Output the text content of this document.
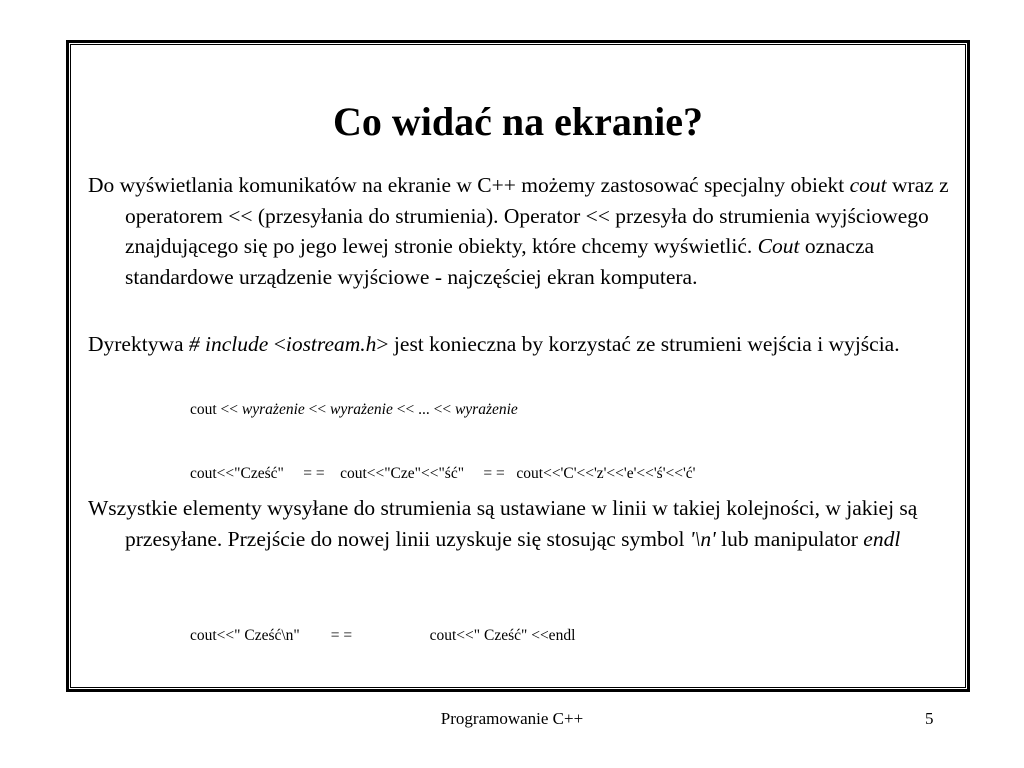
Co widać na ekranie?

Do wyświetlania komunikatów na ekranie w C++ możemy zastosować specjalny obiekt cout wraz z operatorem << (przesyłania do strumienia). Operator << przesyła do strumienia wyjściowego znajdującego się po jego lewej stronie obiekty, które chcemy wyświetlić. Cout oznacza standardowe urządzenie wyjściowe - najczęściej ekran komputera.

Dyrektywa # include <iostream.h> jest konieczna by korzystać ze strumieni wejścia i wyjścia.

cout << wyrażenie << wyrażenie << ... << wyrażenie

cout<<"Cześć"     = =    cout<<"Cze"<<"ść"     = =   cout<<'C'<<'z'<<'e'<<'ś'<<'ć'

Wszystkie elementy wysyłane do strumienia są ustawiane w linii w takiej kolejności, w jakiej są przesyłane. Przejście do nowej linii uzyskuje się stosując symbol '\n' lub manipulator endl

cout<<" Cześć\n"        = =                    cout<<" Cześć" <<endl

Programowanie C++	5
